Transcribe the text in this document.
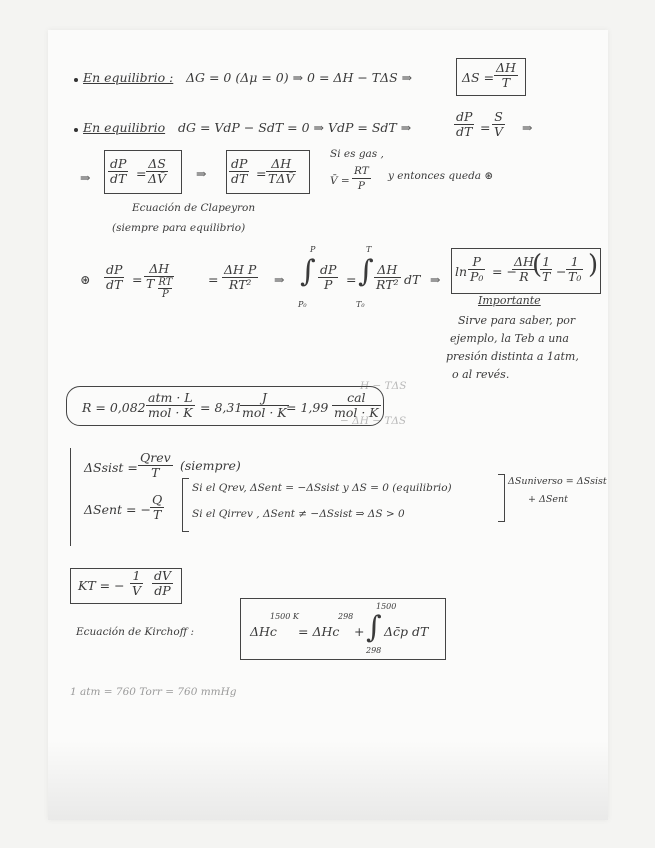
H − TΔS
− ΔH − TΔS
En equilibrio : ΔG = 0 (Δμ = 0) ⇒ 0 = ΔH − TΔS ⇒	$\Delta S = \frac{\Delta H}{T}$
En equilibrio dG = VdP − SdT = 0 ⇒ VdP = SdT ⇒	$\frac{dP}{dT} = \frac{S}{V}$ ⇒
⇒ $\frac{dP}{dT} = \frac{\Delta S}{\Delta V̄}$ ⇒ $\frac{dP}{dT}$ =
ΔH
TΔV̄
Si es gas ,
V̄ = $\frac{RT}{P}$ y entonces queda ⊛
Ecuación de Clapeyron
(siempre para equilibrio)
⊛ $\frac{dP}{dT} = \frac{\Delta H}{T \frac{RT}{P}}$	= $\frac{\text{ΔH P}}{\text{RT²}}$ ⇒
P
∫
P₀
$\frac{dP}{P}$ =
T
∫
T₀
$\frac{\Delta H}{\text{RT²}}$ dT ⇒
$\ln \frac{P}{\text{P₀}}$ = −
$\frac{\Delta H}{R}$
(
$\frac{1}{T} - \frac{1}{\text{T₀}}$ )
Importante
Sirve para saber, por
ejemplo, la Teb a una
presión distinta a 1atm,
o al revés.
R = 0,082
atm · L
mol · K = 8,31
J
mol · K = 1,99
cal
mol · K
ΔSsist =
Qrev
T	(siempre)
ΔSent = − $\frac{Q}{T}$
Si el Qrev, ΔSent = −ΔSsist y ΔS = 0 (equilibrio)
Si el Qirrev , ΔSent ≠ −ΔSsist ⇒ ΔS > 0
ΔSuniverso = ΔSsist
+ ΔSent
KT = − $\frac{1}{V} \frac{dV}{dP}$
Ecuación de Kirchoff :
1500 K
ΔHc
298
= ΔHc +
1500
∫
298
Δc̄p dT
1 atm = 760 Torr = 760 mmHg
